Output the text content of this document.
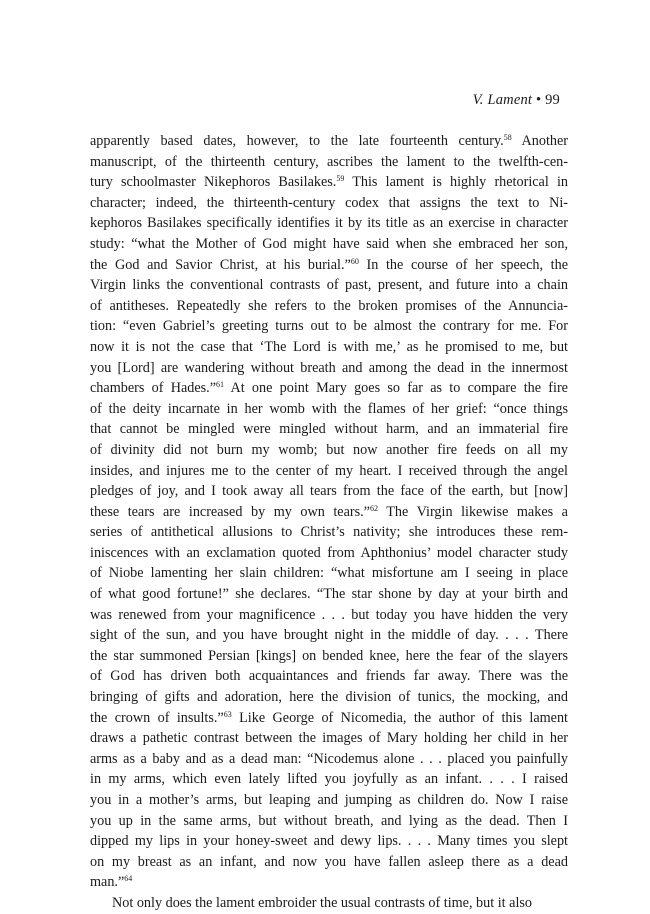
V. Lament • 99
apparently based dates, however, to the late fourteenth century.$^{58}$ Another
manuscript, of the thirteenth century, ascribes the lament to the twelfth-cen-
tury schoolmaster Nikephoros Basilakes.$^{59}$ This lament is highly rhetorical in
character; indeed, the thirteenth-century codex that assigns the text to Ni-
kephoros Basilakes specifically identifies it by its title as an exercise in character
study: “what the Mother of God might have said when she embraced her son,
the God and Savior Christ, at his burial.”$^{60}$ In the course of her speech, the
Virgin links the conventional contrasts of past, present, and future into a chain
of antitheses. Repeatedly she refers to the broken promises of the Annuncia-
tion: “even Gabriel’s greeting turns out to be almost the contrary for me. For
now it is not the case that ‘The Lord is with me,’ as he promised to me, but
you [Lord] are wandering without breath and among the dead in the innermost
chambers of Hades.”$^{61}$ At one point Mary goes so far as to compare the fire
of the deity incarnate in her womb with the flames of her grief: “once things
that cannot be mingled were mingled without harm, and an immaterial fire
of divinity did not burn my womb; but now another fire feeds on all my
insides, and injures me to the center of my heart. I received through the angel
pledges of joy, and I took away all tears from the face of the earth, but [now]
these tears are increased by my own tears.”$^{62}$ The Virgin likewise makes a
series of antithetical allusions to Christ’s nativity; she introduces these rem-
iniscences with an exclamation quoted from Aphthonius’ model character study
of Niobe lamenting her slain children: “what misfortune am I seeing in place
of what good fortune!” she declares. “The star shone by day at your birth and
was renewed from your magnificence . . . but today you have hidden the very
sight of the sun, and you have brought night in the middle of day. . . . There
the star summoned Persian [kings] on bended knee, here the fear of the slayers
of God has driven both acquaintances and friends far away. There was the
bringing of gifts and adoration, here the division of tunics, the mocking, and
the crown of insults.”$^{63}$ Like George of Nicomedia, the author of this lament
draws a pathetic contrast between the images of Mary holding her child in her
arms as a baby and as a dead man: “Nicodemus alone . . . placed you painfully
in my arms, which even lately lifted you joyfully as an infant. . . . I raised
you in a mother’s arms, but leaping and jumping as children do. Now I raise
you up in the same arms, but without breath, and lying as the dead. Then I
dipped my lips in your honey-sweet and dewy lips. . . . Many times you slept
on my breast as an infant, and now you have fallen asleep there as a dead
man.”$^{64}$
Not only does the lament embroider the usual contrasts of time, but it also
